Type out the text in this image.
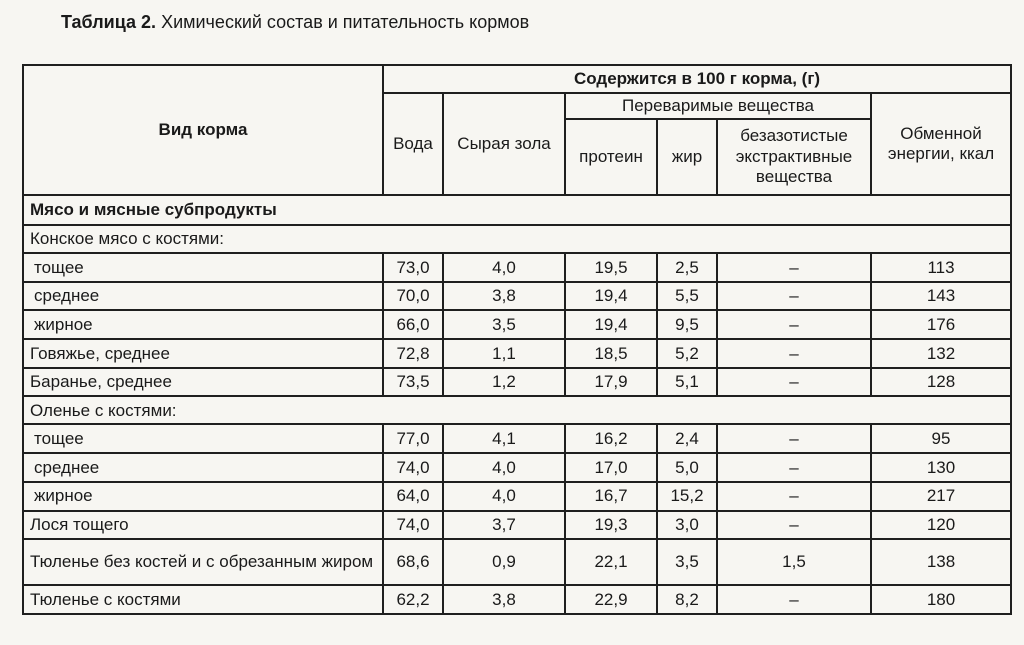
Таблица 2. Химический состав и питательность кормов
Вид корма	Содержится в 100 г корма, (г)					
	Вода	Сырая зола	Переваримые вещества			Обменной энергии, ккал
			протеин	жир	безазотистые экстрактивные вещества	
Мясо и мясные субпродукты						
Конское мясо с костями:						
тощее	73,0	4,0	19,5	2,5	–	113
среднее	70,0	3,8	19,4	5,5	–	143
жирное	66,0	3,5	19,4	9,5	–	176
Говяжье, среднее	72,8	1,1	18,5	5,2	–	132
Баранье, среднее	73,5	1,2	17,9	5,1	–	128
Оленье с костями:						
тощее	77,0	4,1	16,2	2,4	–	95
среднее	74,0	4,0	17,0	5,0	–	130
жирное	64,0	4,0	16,7	15,2	–	217
Лося тощего	74,0	3,7	19,3	3,0	–	120
Тюленье без костей и с обрезанным жиром	68,6	0,9	22,1	3,5	1,5	138
Тюленье с костями	62,2	3,8	22,9	8,2	–	180
